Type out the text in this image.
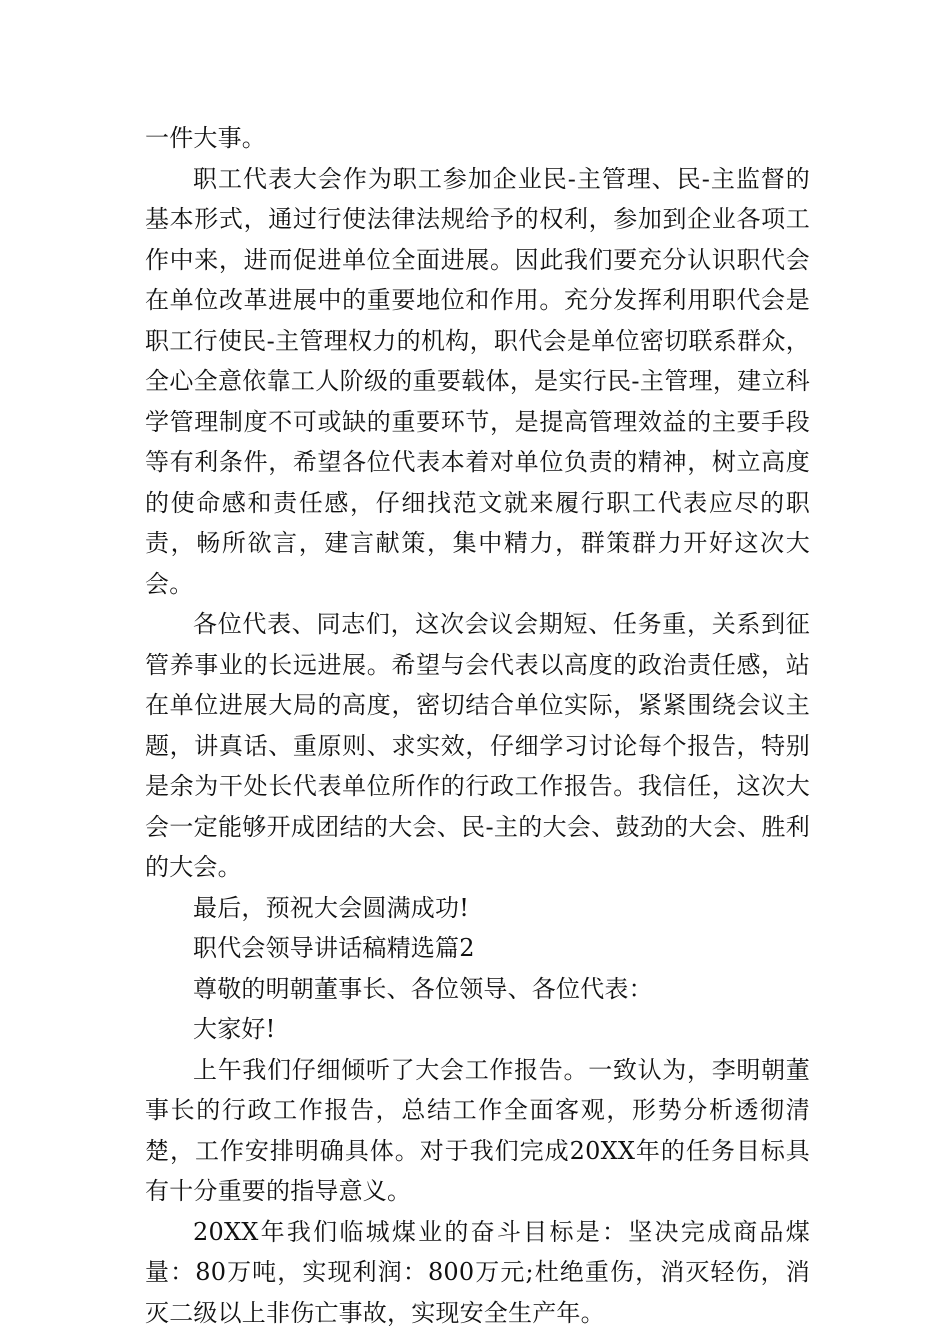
一件大事。

职工代表大会作为职工参加企业民-主管理、民-主监督的基本形式，通过行使法律法规给予的权利，参加到企业各项工作中来，进而促进单位全面进展。因此我们要充分认识职代会在单位改革进展中的重要地位和作用。充分发挥利用职代会是职工行使民-主管理权力的机构，职代会是单位密切联系群众，全心全意依靠工人阶级的重要载体，是实行民-主管理，建立科学管理制度不可或缺的重要环节，是提高管理效益的主要手段等有利条件，希望各位代表本着对单位负责的精神，树立高度的使命感和责任感，仔细找范文就来履行职工代表应尽的职责，畅所欲言，建言献策，集中精力，群策群力开好这次大会。

各位代表、同志们，这次会议会期短、任务重，关系到征管养事业的长远进展。希望与会代表以高度的政治责任感，站在单位进展大局的高度，密切结合单位实际，紧紧围绕会议主题，讲真话、重原则、求实效，仔细学习讨论每个报告，特别是余为干处长代表单位所作的行政工作报告。我信任，这次大会一定能够开成团结的大会、民-主的大会、鼓劲的大会、胜利的大会。

最后，预祝大会圆满成功!

职代会领导讲话稿精选篇2

尊敬的明朝董事长、各位领导、各位代表：

大家好!

上午我们仔细倾听了大会工作报告。一致认为，李明朝董事长的行政工作报告，总结工作全面客观，形势分析透彻清楚，工作安排明确具体。对于我们完成20XX年的任务目标具有十分重要的指导意义。

20XX年我们临城煤业的奋斗目标是：坚决完成商品煤量：80万吨，实现利润：800万元;杜绝重伤，消灭轻伤，消灭二级以上非伤亡事故，实现安全生产年。
